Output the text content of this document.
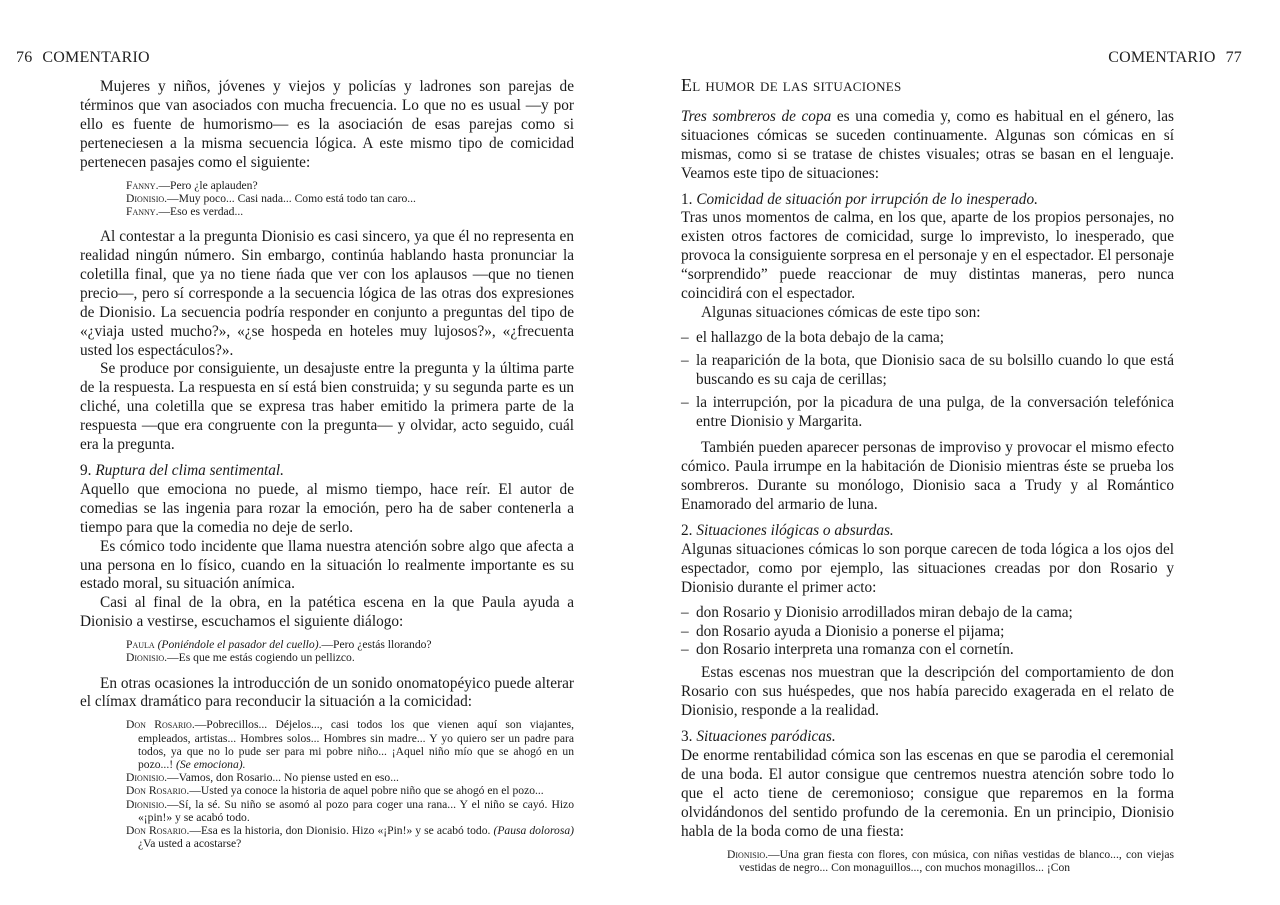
76 COMENTARIO

Mujeres y niños, jóvenes y viejos y policías y ladrones son parejas de términos que van asociados con mucha frecuencia. Lo que no es usual —y por ello es fuente de humorismo— es la asociación de esas parejas como si perteneciesen a la misma secuencia lógica. A este mismo tipo de comicidad pertenecen pasajes como el siguiente:

Fanny.—Pero ¿le aplauden?
Dionisio.—Muy poco... Casi nada... Como está todo tan caro...
Fanny.—Eso es verdad...

Al contestar a la pregunta Dionisio es casi sincero, ya que él no representa en realidad ningún número. Sin embargo, continúa hablando hasta pronunciar la coletilla final, que ya no tiene ńada que ver con los aplausos —que no tienen precio—, pero sí corresponde a la secuencia lógica de las otras dos expresiones de Dionisio. La secuencia podría responder en conjunto a preguntas del tipo de «¿viaja usted mucho?», «¿se hospeda en hoteles muy lujosos?», «¿frecuenta usted los espectáculos?».

Se produce por consiguiente, un desajuste entre la pregunta y la última parte de la respuesta. La respuesta en sí está bien construida; y su segunda parte es un cliché, una coletilla que se expresa tras haber emitido la primera parte de la respuesta —que era congruente con la pregunta— y olvidar, acto seguido, cuál era la pregunta.

9. Ruptura del clima sentimental.

Aquello que emociona no puede, al mismo tiempo, hace reír. El autor de comedias se las ingenia para rozar la emoción, pero ha de saber contenerla a tiempo para que la comedia no deje de serlo.

Es cómico todo incidente que llama nuestra atención sobre algo que afecta a una persona en lo físico, cuando en la situación lo realmente importante es su estado moral, su situación anímica.

Casi al final de la obra, en la patética escena en la que Paula ayuda a Dionisio a vestirse, escuchamos el siguiente diálogo:

Paula (Poniéndole el pasador del cuello).—Pero ¿estás llorando?
Dionisio.—Es que me estás cogiendo un pellizco.

En otras ocasiones la introducción de un sonido onomatopéyico puede alterar el clímax dramático para reconducir la situación a la comicidad:

Don Rosario.—Pobrecillos... Déjelos..., casi todos los que vienen aquí son viajantes, empleados, artistas... Hombres solos... Hombres sin madre... Y yo quiero ser un padre para todos, ya que no lo pude ser para mi pobre niño... ¡Aquel niño mío que se ahogó en un pozo...! (Se emociona).
Dionisio.—Vamos, don Rosario... No piense usted en eso...
Don Rosario.—Usted ya conoce la historia de aquel pobre niño que se ahogó en el pozo...
Dionisio.—Sí, la sé. Su niño se asomó al pozo para coger una rana... Y el niño se cayó. Hizo «¡pin!» y se acabó todo.
Don Rosario.—Esa es la historia, don Dionisio. Hizo «¡Pin!» y se acabó todo. (Pausa dolorosa) ¿Va usted a acostarse?
COMENTARIO 77
El humor de las situaciones

Tres sombreros de copa es una comedia y, como es habitual en el género, las situaciones cómicas se suceden continuamente. Algunas son cómicas en sí mismas, como si se tratase de chistes visuales; otras se basan en el lenguaje. Veamos este tipo de situaciones:

1. Comicidad de situación por irrupción de lo inesperado.

Tras unos momentos de calma, en los que, aparte de los propios personajes, no existen otros factores de comicidad, surge lo imprevisto, lo inesperado, que provoca la consiguiente sorpresa en el personaje y en el espectador. El personaje “sorprendido” puede reaccionar de muy distintas maneras, pero nunca coincidirá con el espectador.

Algunas situaciones cómicas de este tipo son:

– el hallazgo de la bota debajo de la cama;
– la reaparición de la bota, que Dionisio saca de su bolsillo cuando lo que está buscando es su caja de cerillas;
– la interrupción, por la picadura de una pulga, de la conversación telefónica entre Dionisio y Margarita.

También pueden aparecer personas de improviso y provocar el mismo efecto cómico. Paula irrumpe en la habitación de Dionisio mientras éste se prueba los sombreros. Durante su monólogo, Dionisio saca a Trudy y al Romántico Enamorado del armario de luna.

2. Situaciones ilógicas o absurdas.

Algunas situaciones cómicas lo son porque carecen de toda lógica a los ojos del espectador, como por ejemplo, las situaciones creadas por don Rosario y Dionisio durante el primer acto:

– don Rosario y Dionisio arrodillados miran debajo de la cama;
– don Rosario ayuda a Dionisio a ponerse el pijama;
– don Rosario interpreta una romanza con el cornetín.

Estas escenas nos muestran que la descripción del comportamiento de don Rosario con sus huéspedes, que nos había parecido exagerada en el relato de Dionisio, responde a la realidad.

3. Situaciones paródicas.

De enorme rentabilidad cómica son las escenas en que se parodia el ceremonial de una boda. El autor consigue que centremos nuestra atención sobre todo lo que el acto tiene de ceremonioso; consigue que reparemos en la forma olvidándonos del sentido profundo de la ceremonia. En un principio, Dionisio habla de la boda como de una fiesta:

Dionisio.—Una gran fiesta con flores, con música, con niñas vestidas de blanco..., con viejas vestidas de negro... Con monaguillos..., con muchos monagillos... ¡Con
